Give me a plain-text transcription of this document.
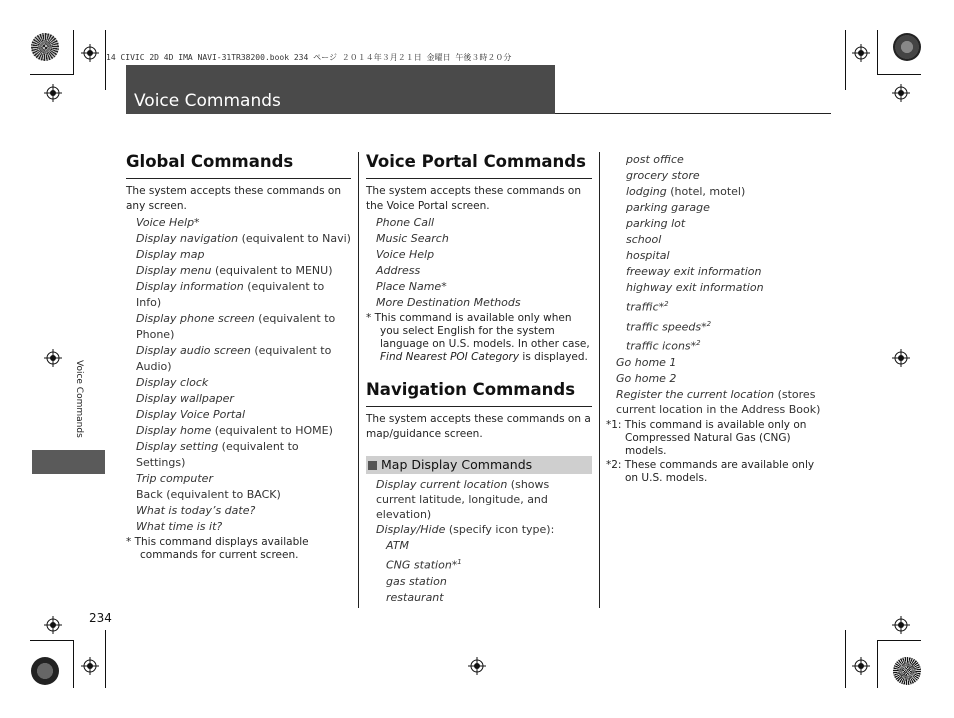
14 CIVIC 2D 4D IMA NAVI-31TR38200.book 234 ページ ２０１４年３月２１日 金曜日 午後３時２０分
Voice Commands
Voice Commands
234
Global Commands

The system accepts these commands on any screen.

Voice Help*
Display navigation (equivalent to Navi)
Display map
Display menu (equivalent to MENU)
Display information (equivalent to Info)
Display phone screen (equivalent to Phone)
Display audio screen (equivalent to Audio)
Display clock
Display wallpaper
Display Voice Portal
Display home (equivalent to HOME)
Display setting (equivalent to Settings)
Trip computer
Back (equivalent to BACK)
What is today’s date?
What time is it?
* This command displays available commands for current screen.
Voice Portal Commands

The system accepts these commands on the Voice Portal screen.

Phone Call
Music Search
Voice Help
Address
Place Name*
More Destination Methods
* This command is available only when you select English for the system language on U.S. models. In other case, Find Nearest POI Category is displayed.
Navigation Commands

The system accepts these commands on a map/guidance screen.

Map Display Commands
Display current location (shows current latitude, longitude, and elevation)
Display/Hide (specify icon type):
ATM
CNG station*$^1$
gas station
restaurant
post office
grocery store
lodging (hotel, motel)
parking garage
parking lot
school
hospital
freeway exit information
highway exit information
traffic*$^2$
traffic speeds*$^2$
traffic icons*$^2$
Go home 1
Go home 2
Register the current location (stores current location in the Address Book)
*1: This command is available only on Compressed Natural Gas (CNG) models.
*2: These commands are available only on U.S. models.
